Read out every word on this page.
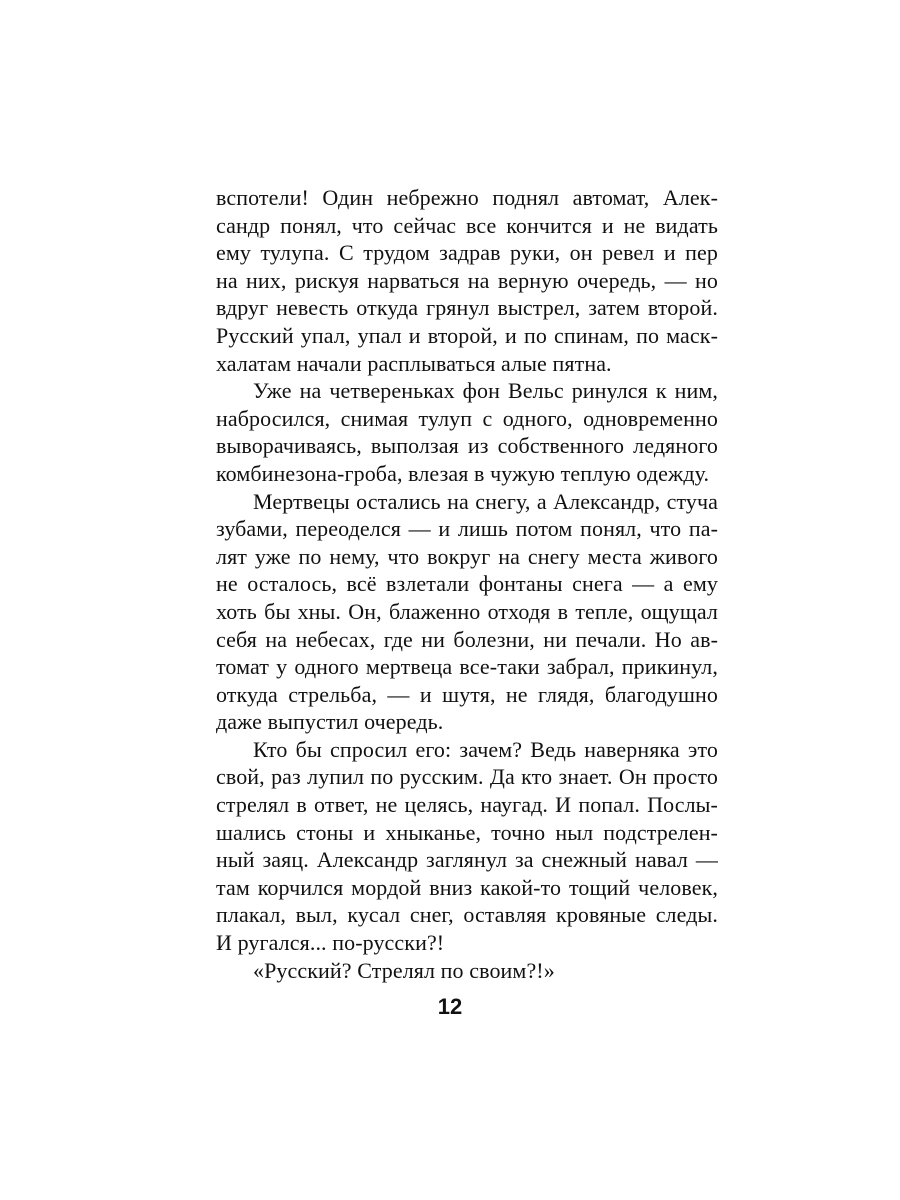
вспотели! Один небрежно поднял автомат, Алек-
сандр понял, что сейчас все кончится и не видать
ему тулупа. С трудом задрав руки, он ревел и пер
на них, рискуя нарваться на верную очередь, — но
вдруг невесть откуда грянул выстрел, затем второй.
Русский упал, упал и второй, и по спинам, по маск-
халатам начали расплываться алые пятна.
Уже на четвереньках фон Вельс ринулся к ним,
набросился, снимая тулуп с одного, одновременно
выворачиваясь, выползая из собственного ледяного
комбинезона-гроба, влезая в чужую теплую одежду.
Мертвецы остались на снегу, а Александр, стуча
зубами, переоделся — и лишь потом понял, что па-
лят уже по нему, что вокруг на снегу места живого
не осталось, всё взлетали фонтаны снега — а ему
хоть бы хны. Он, блаженно отходя в тепле, ощущал
себя на небесах, где ни болезни, ни печали. Но ав-
томат у одного мертвеца все-таки забрал, прикинул,
откуда стрельба, — и шутя, не глядя, благодушно
даже выпустил очередь.
Кто бы спросил его: зачем? Ведь наверняка это
свой, раз лупил по русским. Да кто знает. Он просто
стрелял в ответ, не целясь, наугад. И попал. Послы-
шались стоны и хныканье, точно ныл подстрелен-
ный заяц. Александр заглянул за снежный навал —
там корчился мордой вниз какой-то тощий человек,
плакал, выл, кусал снег, оставляя кровяные следы.
И ругался... по-русски?!
«Русский? Стрелял по своим?!»
12
